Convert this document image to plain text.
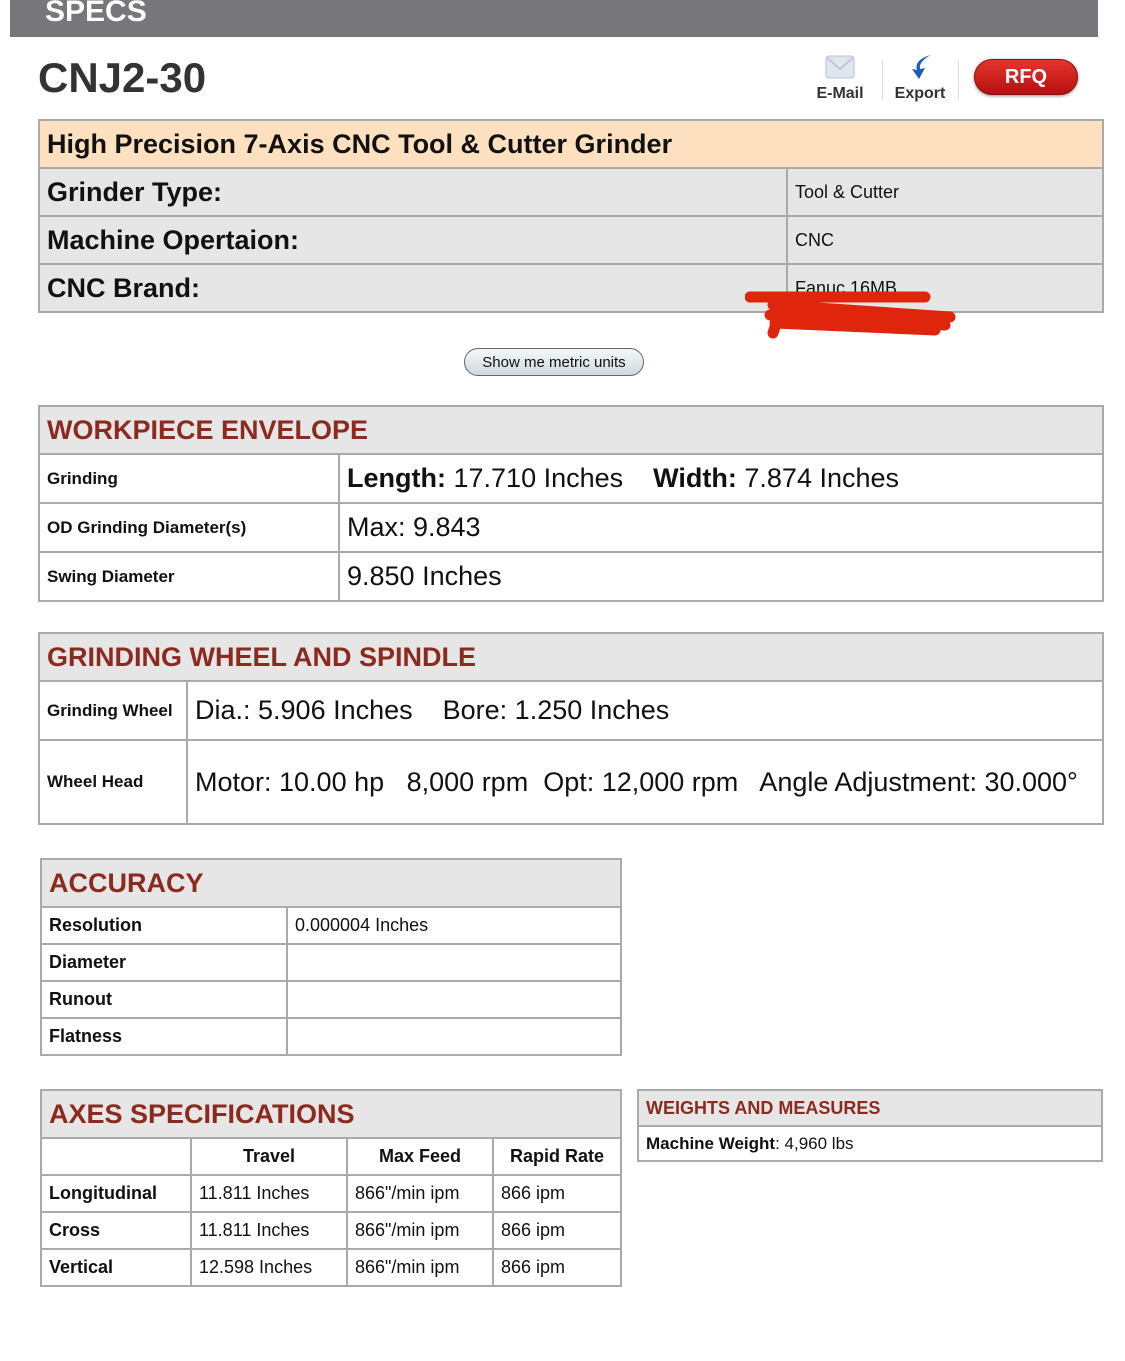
SPECS
CNJ2-30	E-Mail Export
RFQ
High Precision 7-Axis CNC Tool & Cutter Grinder	
Grinder Type:	Tool & Cutter
Machine Opertaion:	CNC
CNC Brand:	Fanuc 16MB
Show me metric units
WORKPIECE ENVELOPE	
Grinding	Length: 17.710 Inches Width: 7.874 Inches
OD Grinding Diameter(s)	Max: 9.843
Swing Diameter	9.850 Inches
GRINDING WHEEL AND SPINDLE	
Grinding Wheel	Dia.: 5.906 Inches    Bore: 1.250 Inches
Wheel Head	Motor: 10.00 hp   8,000 rpm  Opt: 12,000 rpm   Angle Adjustment: 30.000°
ACCURACY	
Resolution	0.000004 Inches
Diameter	
Runout	
Flatness	
AXES SPECIFICATIONS			
	Travel	Max Feed	Rapid Rate
Longitudinal	11.811 Inches	866"/min ipm	866 ipm
Cross	11.811 Inches	866"/min ipm	866 ipm
Vertical	12.598 Inches	866"/min ipm	866 ipm
WEIGHTS AND MEASURES
Machine Weight: 4,960 lbs
